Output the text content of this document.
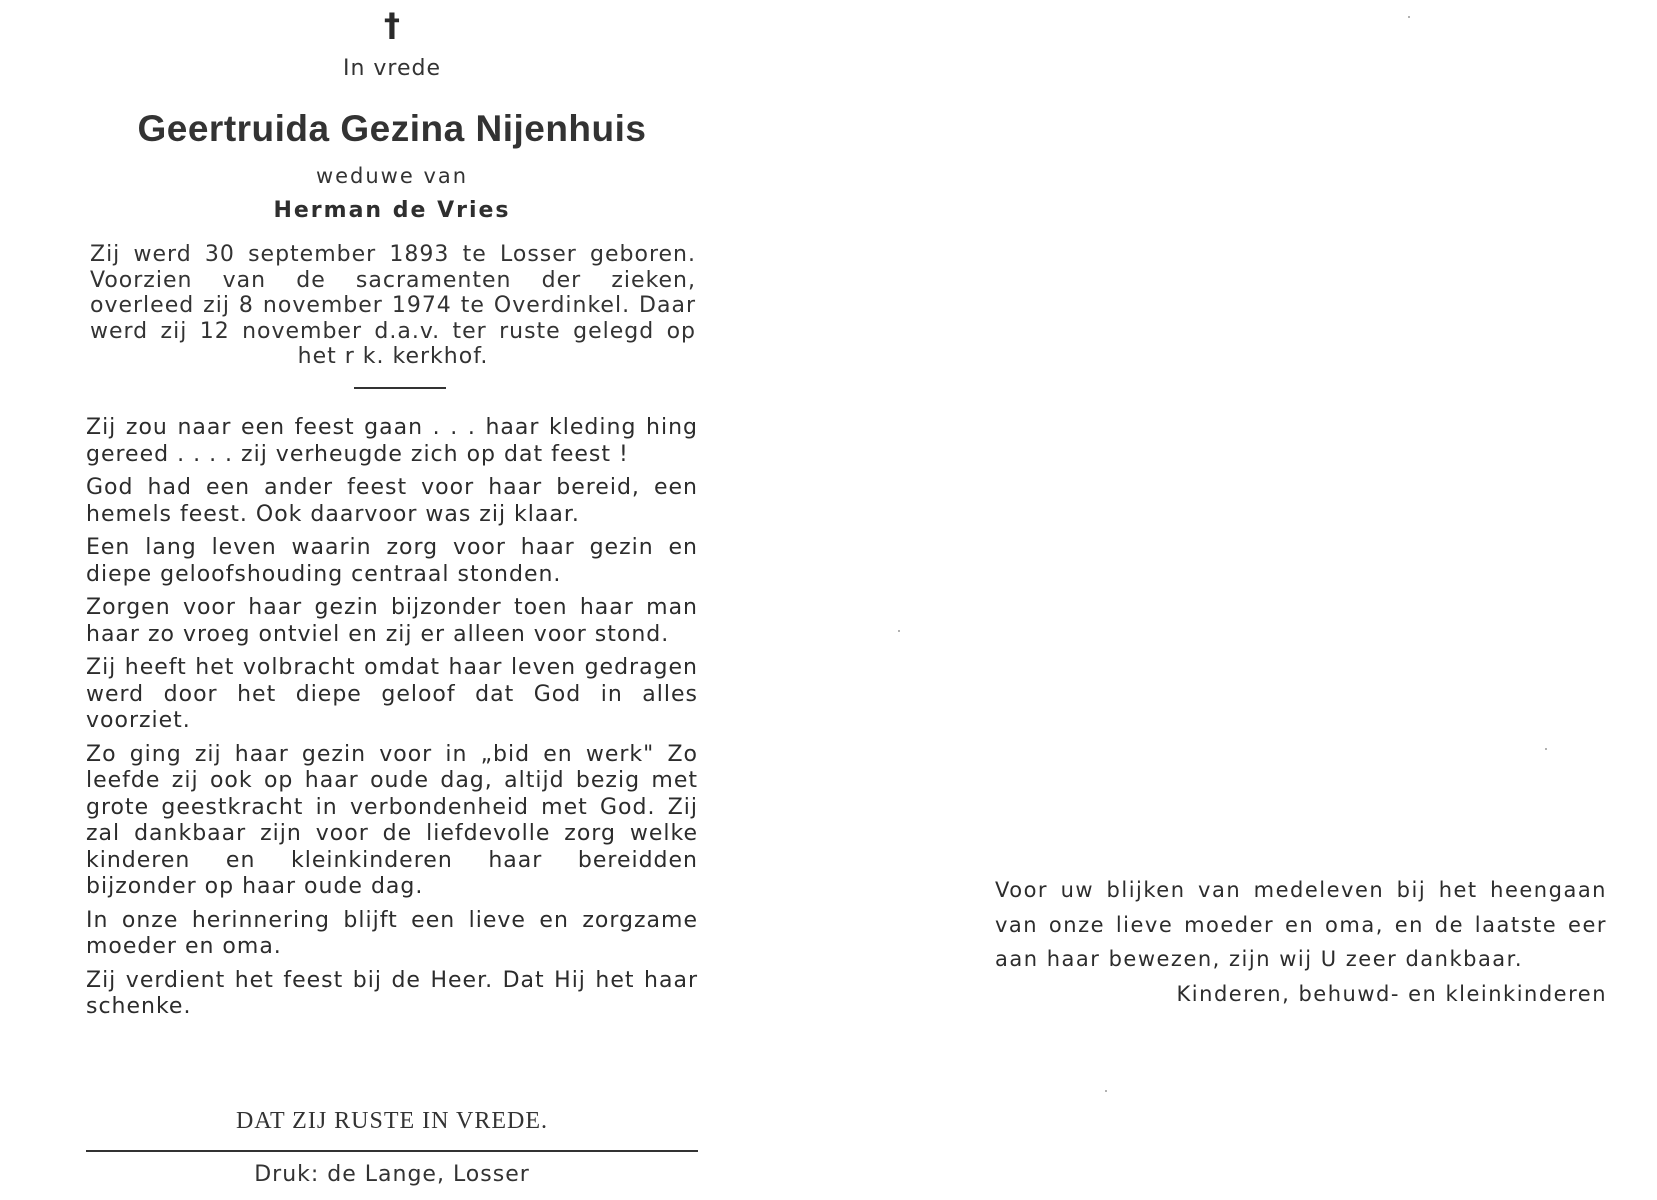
†
In vrede
Geertruida Gezina Nijenhuis
weduwe van
Herman de Vries

Zij werd 30 september 1893 te Losser geboren. Voorzien van de sacramenten der zieken, overleed zij 8 november 1974 te Overdinkel. Daar werd zij 12 november d.a.v. ter ruste gelegd op het r k. kerkhof.

Zij zou naar een feest gaan . . . haar kleding hing gereed . . . . zij verheugde zich op dat feest !

God had een ander feest voor haar bereid, een hemels feest. Ook daarvoor was zij klaar.

Een lang leven waarin zorg voor haar gezin en diepe geloofshouding centraal stonden.

Zorgen voor haar gezin bijzonder toen haar man haar zo vroeg ontviel en zij er alleen voor stond.

Zij heeft het volbracht omdat haar leven gedragen werd door het diepe geloof dat God in alles voorziet.

Zo ging zij haar gezin voor in „bid en werk" Zo leefde zij ook op haar oude dag, altijd bezig met grote geestkracht in verbondenheid met God. Zij zal dankbaar zijn voor de liefdevolle zorg welke kinderen en kleinkinderen haar bereidden bijzonder op haar oude dag.

In onze herinnering blijft een lieve en zorgzame moeder en oma.

Zij verdient het feest bij de Heer. Dat Hij het haar schenke.

DAT ZIJ RUSTE IN VREDE.
Druk: de Lange, Losser

Voor uw blijken van medeleven bij het heengaan van onze lieve moeder en oma, en de laatste eer aan haar bewezen, zijn wij U zeer dankbaar.

Kinderen, behuwd- en kleinkinderen
